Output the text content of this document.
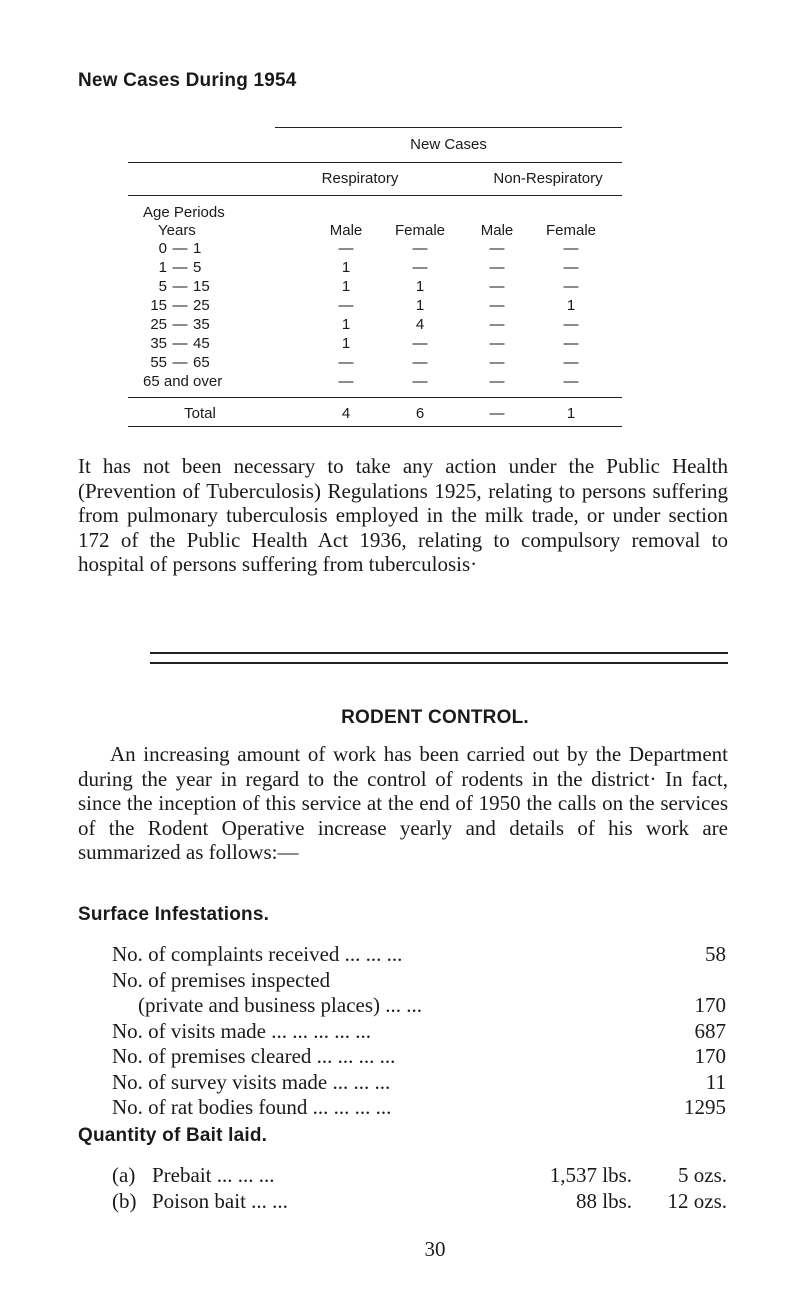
New Cases During 1954
New Cases
Respiratory	Non-Respiratory
Age Periods
Years	Male	Female	Male	Female
0 — 1	—	—	—	—
1 — 5	1	—	—	—
5 — 15	1	1	—	—
15 — 25	—	1	—	1
25 — 35	1	4	—	—
35 — 45	1	—	—	—
55 — 65	—	—	—	—
65 and over	—	—	—	—
Total	4	6	—	1
It has not been necessary to take any action under the Public Health (Prevention of Tuberculosis) Regulations 1925, relating to persons suffering from pulmonary tuberculosis employed in the milk trade, or under section 172 of the Public Health Act 1936, relating to compulsory removal to hospital of persons suffering from tuberculosis·
RODENT CONTROL.
An increasing amount of work has been carried out by the Department during the year in regard to the control of rodents in the district· In fact, since the inception of this service at the end of 1950 the calls on the services of the Rodent Operative increase yearly and details of his work are summarized as follows:—
Surface Infestations.
No. of complaints received ... ... ...	58
No. of premises inspected
(private and business places) ... ...	170
No. of visits made ... ... ... ... ...	687
No. of premises cleared ... ... ... ...	170
No. of survey visits made ... ... ...	11
No. of rat bodies found ... ... ... ...	1295
Quantity of Bait laid.
(a) Prebait ... ... ...	1,537 lbs.	5 ozs.
(b) Poison bait ... ...	88 lbs.	12 ozs.
30
